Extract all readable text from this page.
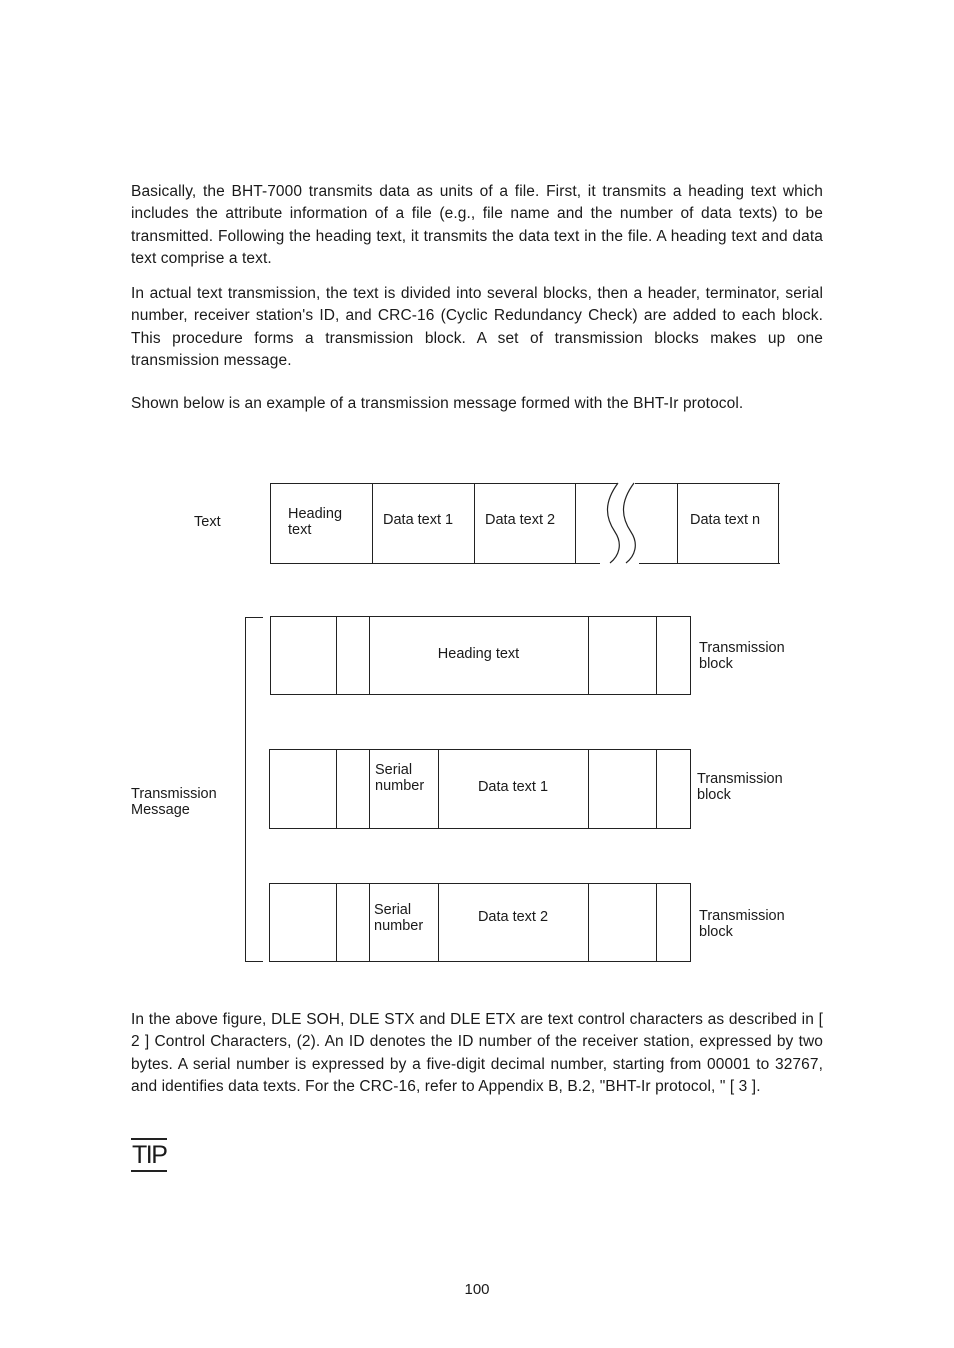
Basically, the BHT-7000 transmits data as units of a file. First, it transmits a heading text which includes the attribute information of a file (e.g., file name and the number of data texts) to be transmitted. Following the heading text, it transmits the data text in the file. A heading text and data text comprise a text.

In actual text transmission, the text is divided into several blocks, then a header, terminator, serial number, receiver station's ID, and CRC-16 (Cyclic Redundancy Check) are added to each block. This procedure forms a transmission block. A set of transmission blocks makes up one transmission message.

Shown below is an example of a transmission message formed with the BHT-Ir protocol.

Text	Heading
text
Data text 1 Data text 2	Data text n
Transmission
Message
Heading text	Transmission
block
Serial
number	Data text 1	Transmission
block
Serial
number
Data text 2	Transmission
block

In the above figure, DLE SOH, DLE STX and DLE ETX are text control characters as described in [ 2 ] Control Characters, (2). An ID denotes the ID number of the receiver station, expressed by two bytes. A serial number is expressed by a five-digit decimal number, starting from 00001 to 32767, and identifies data texts. For the CRC-16, refer to Appendix B, B.2, "BHT-Ir protocol, " [ 3 ].

TIP
100
